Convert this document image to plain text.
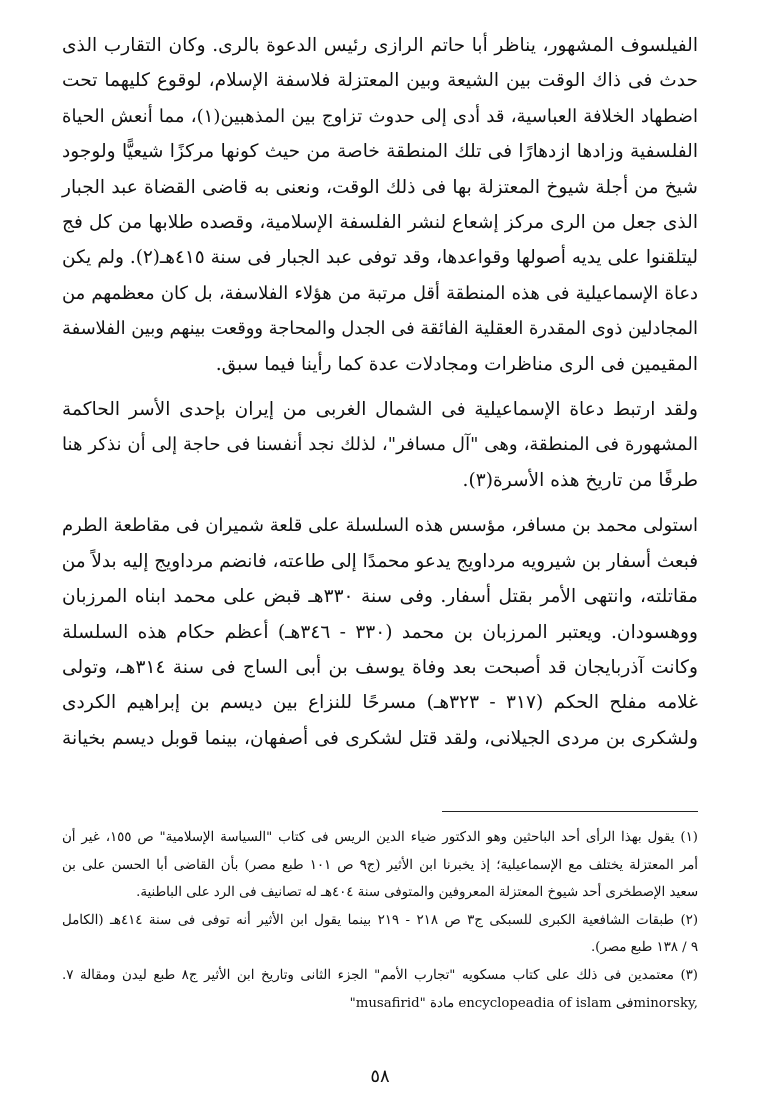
الفيلسوف المشهور، يناظر أبا حاتم الرازى رئيس الدعوة بالرى. وكان التقارب الذى
حدث فى ذاك الوقت بين الشيعة وبين المعتزلة فلاسفة الإسلام، لوقوع كليهما تحت
اضطهاد الخلافة العباسية، قد أدى إلى حدوث تزاوج بين المذهبين(١)، مما أنعش الحياة
الفلسفية وزادها ازدهارًا فى تلك المنطقة خاصة من حيث كونها مركزًا شيعيًّا ولوجود
شيخ من أجلة شيوخ المعتزلة بها فى ذلك الوقت، ونعنى به قاضى القضاة عبد الجبار
الذى جعل من الرى مركز إشعاع لنشر الفلسفة الإسلامية، وقصده طلابها من كل فج
ليتلقنوا على يديه أصولها وقواعدها، وقد توفى عبد الجبار فى سنة ٤١٥هـ(٢). ولم يكن
دعاة الإسماعيلية فى هذه المنطقة أقل مرتبة من هؤلاء الفلاسفة، بل كان معظمهم من
المجادلين ذوى المقدرة العقلية الفائقة فى الجدل والمحاجة ووقعت بينهم وبين الفلاسفة
المقيمين فى الرى مناظرات ومجادلات عدة كما رأينا فيما سبق.
ولقد ارتبط دعاة الإسماعيلية فى الشمال الغربى من إيران بإحدى الأسر الحاكمة
المشهورة فى المنطقة، وهى "آل مسافر"، لذلك نجد أنفسنا فى حاجة إلى أن نذكر هنا
طرفًا من تاريخ هذه الأسرة(٣).
استولى محمد بن مسافر، مؤسس هذه السلسلة على قلعة شميران فى مقاطعة الطرم
فبعث أسفار بن شيرويه مرداويج يدعو محمدًا إلى طاعته، فانضم مرداويج إليه بدلاً من
مقاتلته، وانتهى الأمر بقتل أسفار. وفى سنة ٣٣٠هـ قبض على محمد ابناه المرزبان
ووهسودان. ويعتبر المرزبان بن محمد (٣٣٠ - ٣٤٦هـ) أعظم حكام هذه السلسلة
وكانت آذربايجان قد أصبحت بعد وفاة يوسف بن أبى الساج فى سنة ٣١٤هـ، وتولى
غلامه مفلح الحكم (٣١٧ - ٣٢٣هـ) مسرحًا للنزاع بين ديسم بن إبراهيم الكردى
ولشكرى بن مردى الجيلانى، ولقد قتل لشكرى فى أصفهان، بينما قوبل ديسم بخيانة
(١) يقول بهذا الرأى أحد الباحثين وهو الدكتور ضياء الدين الريس فى كتاب "السياسة الإسلامية" ص ١٥٥، غير أن
أمر المعتزلة يختلف مع الإسماعيلية؛ إذ يخبرنا ابن الأثير (ج٩ ص ١٠١ طبع مصر) بأن القاضى أبا الحسن على بن
سعيد الإصطخرى أحد شيوخ المعتزلة المعروفين والمتوفى سنة ٤٠٤هـ له تصانيف فى الرد على الباطنية.
(٢) طبقات الشافعية الكبرى للسبكى ج٣ ص ٢١٨ - ٢١٩ بينما يقول ابن الأثير أنه توفى فى سنة ٤١٤هـ (الكامل
٩ / ١٣٨ طبع مصر).
(٣) معتمدين فى ذلك على كتاب مسكويه "تجارب الأمم" الجزء الثانى وتاريخ ابن الأثير ج٨ طبع ليدن ومقالة ٧.
minorsky,فى encyclopeadia of islam مادة "musafirid"
٥٨
